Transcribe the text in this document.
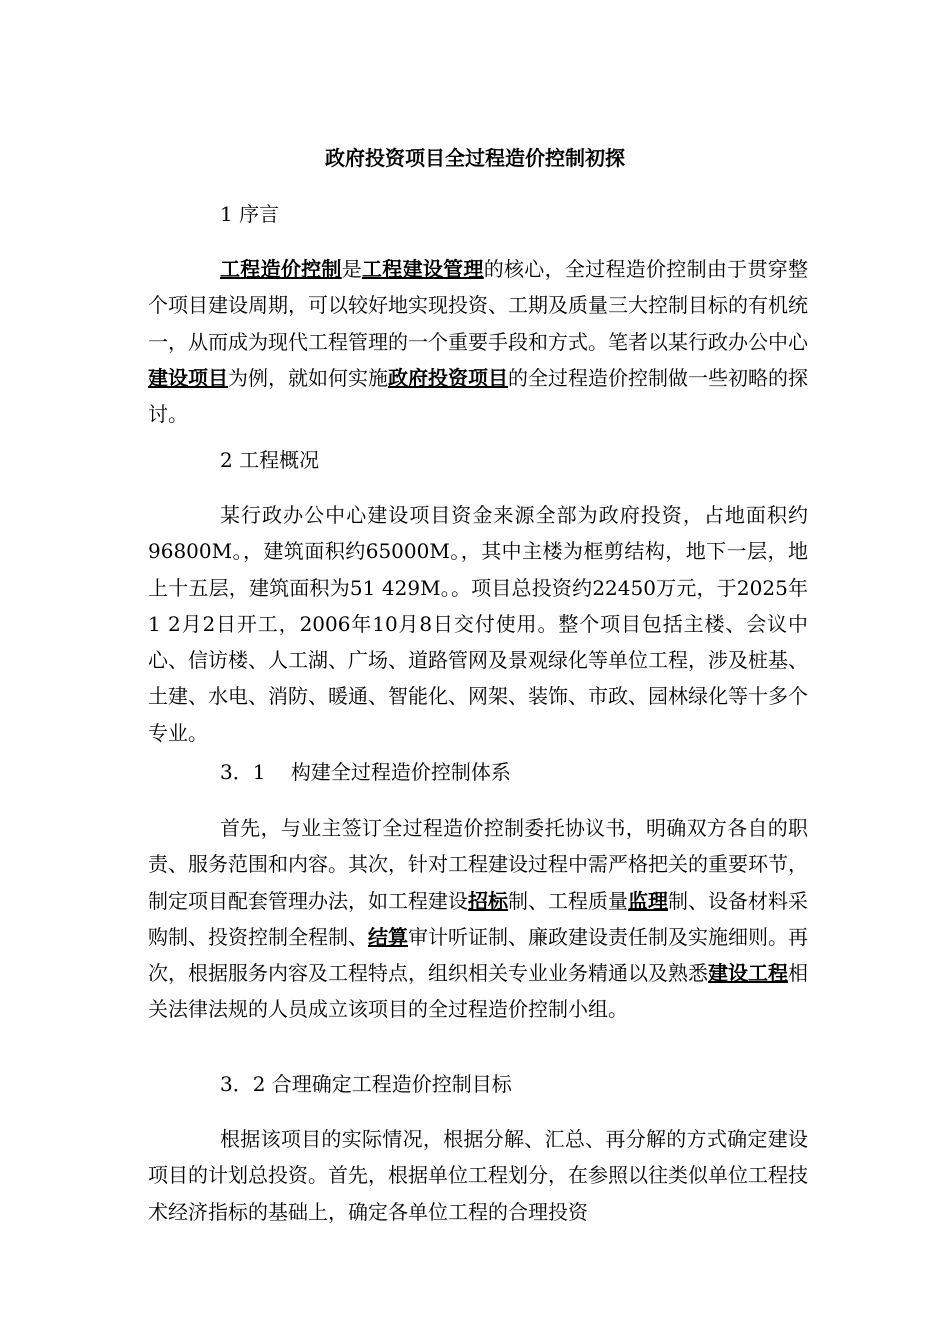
政府投资项目全过程造价控制初探
1 序言
工程造价控制是工程建设管理的核心，全过程造价控制由于贯穿整个项目建设周期，可以较好地实现投资、工期及质量三大控制目标的有机统一，从而成为现代工程管理的一个重要手段和方式。笔者以某行政办公中心建设项目为例，就如何实施政府投资项目的全过程造价控制做一些初略的探讨。
2 工程概况
某行政办公中心建设项目资金来源全部为政府投资，占地面积约96800M。，建筑面积约65000M。，其中主楼为框剪结构，地下一层，地上十五层，建筑面积为51 429M。。项目总投资约22450万元，于2025年1 2月2日开工，2006年10月8日交付使用。整个项目包括主楼、会议中心、信访楼、人工湖、广场、道路管网及景观绿化等单位工程，涉及桩基、土建、水电、消防、暖通、智能化、网架、装饰、市政、园林绿化等十多个专业。
3．1    构建全过程造价控制体系
首先，与业主签订全过程造价控制委托协议书，明确双方各自的职责、服务范围和内容。其次，针对工程建设过程中需严格把关的重要环节，制定项目配套管理办法，如工程建设招标制、工程质量监理制、设备材料采购制、投资控制全程制、结算审计听证制、廉政建设责任制及实施细则。再次，根据服务内容及工程特点，组织相关专业业务精通以及熟悉建设工程相关法律法规的人员成立该项目的全过程造价控制小组。
3．2 合理确定工程造价控制目标
根据该项目的实际情况，根据分解、汇总、再分解的方式确定建设项目的计划总投资。首先，根据单位工程划分，在参照以往类似单位工程技术经济指标的基础上，确定各单位工程的合理投资
